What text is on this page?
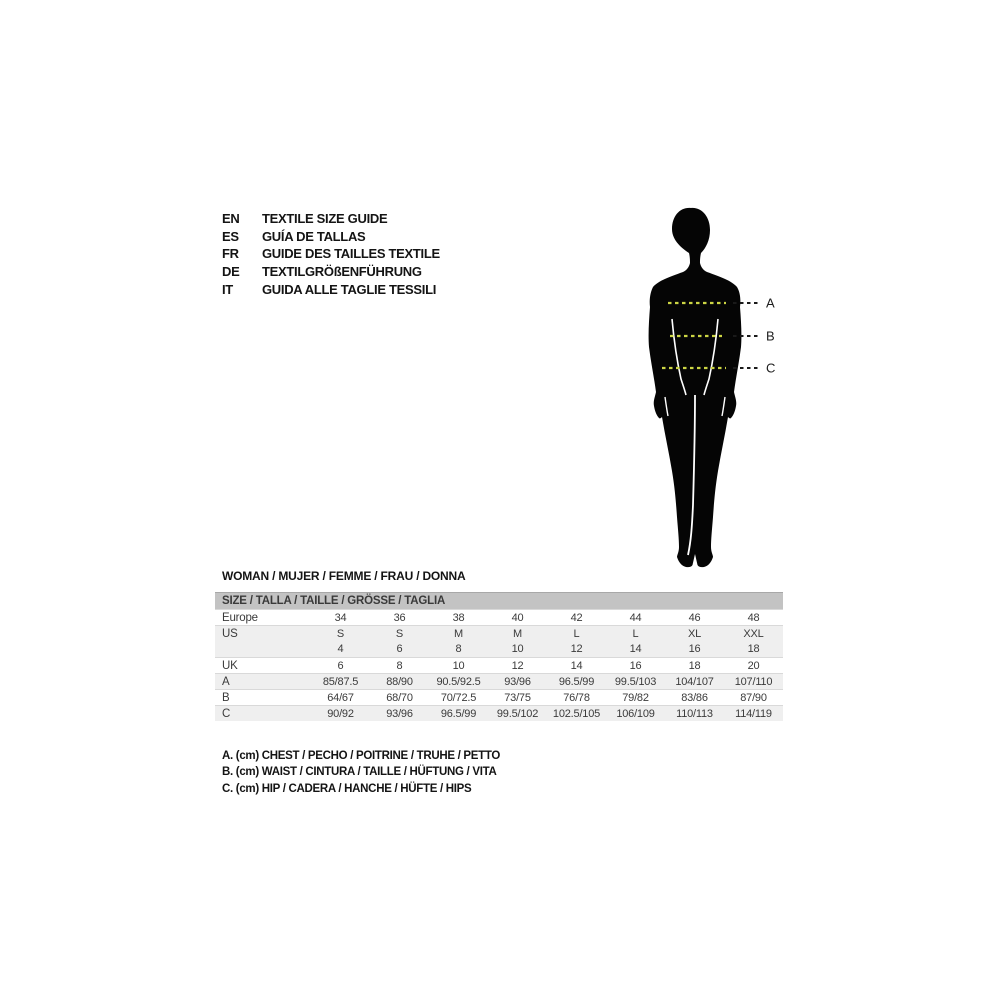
EN	TEXTILE SIZE GUIDE
ES	GUÍA DE TALLAS
FR	GUIDE DES TAILLES TEXTILE
DE	TEXTILGRÖßENFÜHRUNG
IT	GUIDA ALLE TAGLIE TESSILI
A
B
C
WOMAN / MUJER / FEMME / FRAU / DONNA
SIZE / TALLA / TAILLE / GRÖSSE / TAGLIA
Europe	34	36	38	40	42	44	46	48
US	S	S	M	M	L	L	XL	XXL
4	6	8	10	12	14	16	18
UK	6	8	10	12	14	16	18	20
A	85/87.5	88/90	90.5/92.5	93/96	96.5/99	99.5/103	104/107	107/110
B	64/67	68/70	70/72.5	73/75	76/78	79/82	83/86	87/90
C	90/92	93/96	96.5/99	99.5/102	102.5/105	106/109	110/113	114/119
A. (cm) CHEST / PECHO / POITRINE / TRUHE / PETTO
B. (cm) WAIST / CINTURA / TAILLE / HÜFTUNG / VITA
C. (cm) HIP / CADERA / HANCHE / HÜFTE / HIPS
